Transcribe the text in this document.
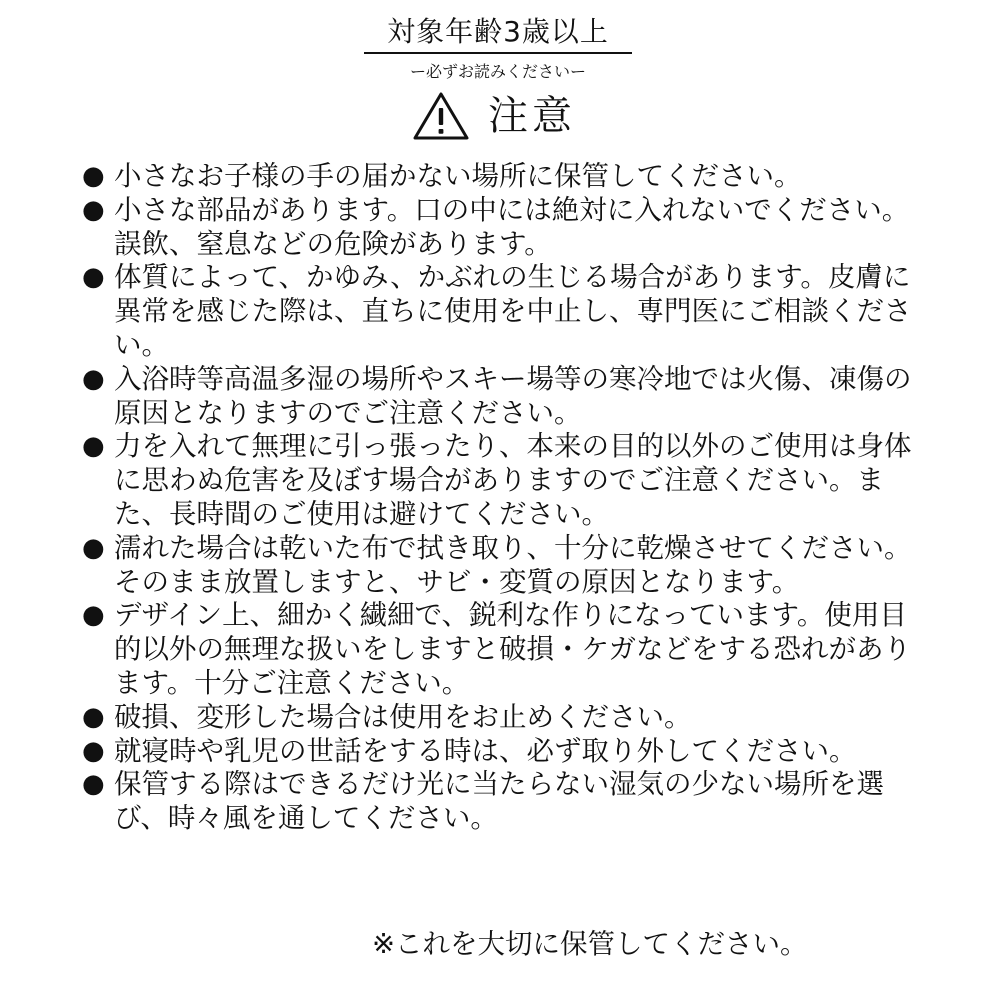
対象年齢3歳以上
ー必ずお読みくださいー
注意
● 小さなお子様の手の届かない場所に保管してください。
● 小さな部品があります。口の中には絶対に入れないでください。誤飲、窒息などの危険があります。
● 体質によって、かゆみ、かぶれの生じる場合があります。皮膚に異常を感じた際は、直ちに使用を中止し、専門医にご相談ください。
● 入浴時等高温多湿の場所やスキー場等の寒冷地では火傷、凍傷の原因となりますのでご注意ください。
● 力を入れて無理に引っ張ったり、本来の目的以外のご使用は身体に思わぬ危害を及ぼす場合がありますのでご注意ください。また、長時間のご使用は避けてください。
● 濡れた場合は乾いた布で拭き取り、十分に乾燥させてください。そのまま放置しますと、サビ・変質の原因となります。
● デザイン上、細かく繊細で、鋭利な作りになっています。使用目的以外の無理な扱いをしますと破損・ケガなどをする恐れがあります。十分ご注意ください。
● 破損、変形した場合は使用をお止めください。
● 就寝時や乳児の世話をする時は、必ず取り外してください。
● 保管する際はできるだけ光に当たらない湿気の少ない場所を選び、時々風を通してください。
※これを大切に保管してください。
